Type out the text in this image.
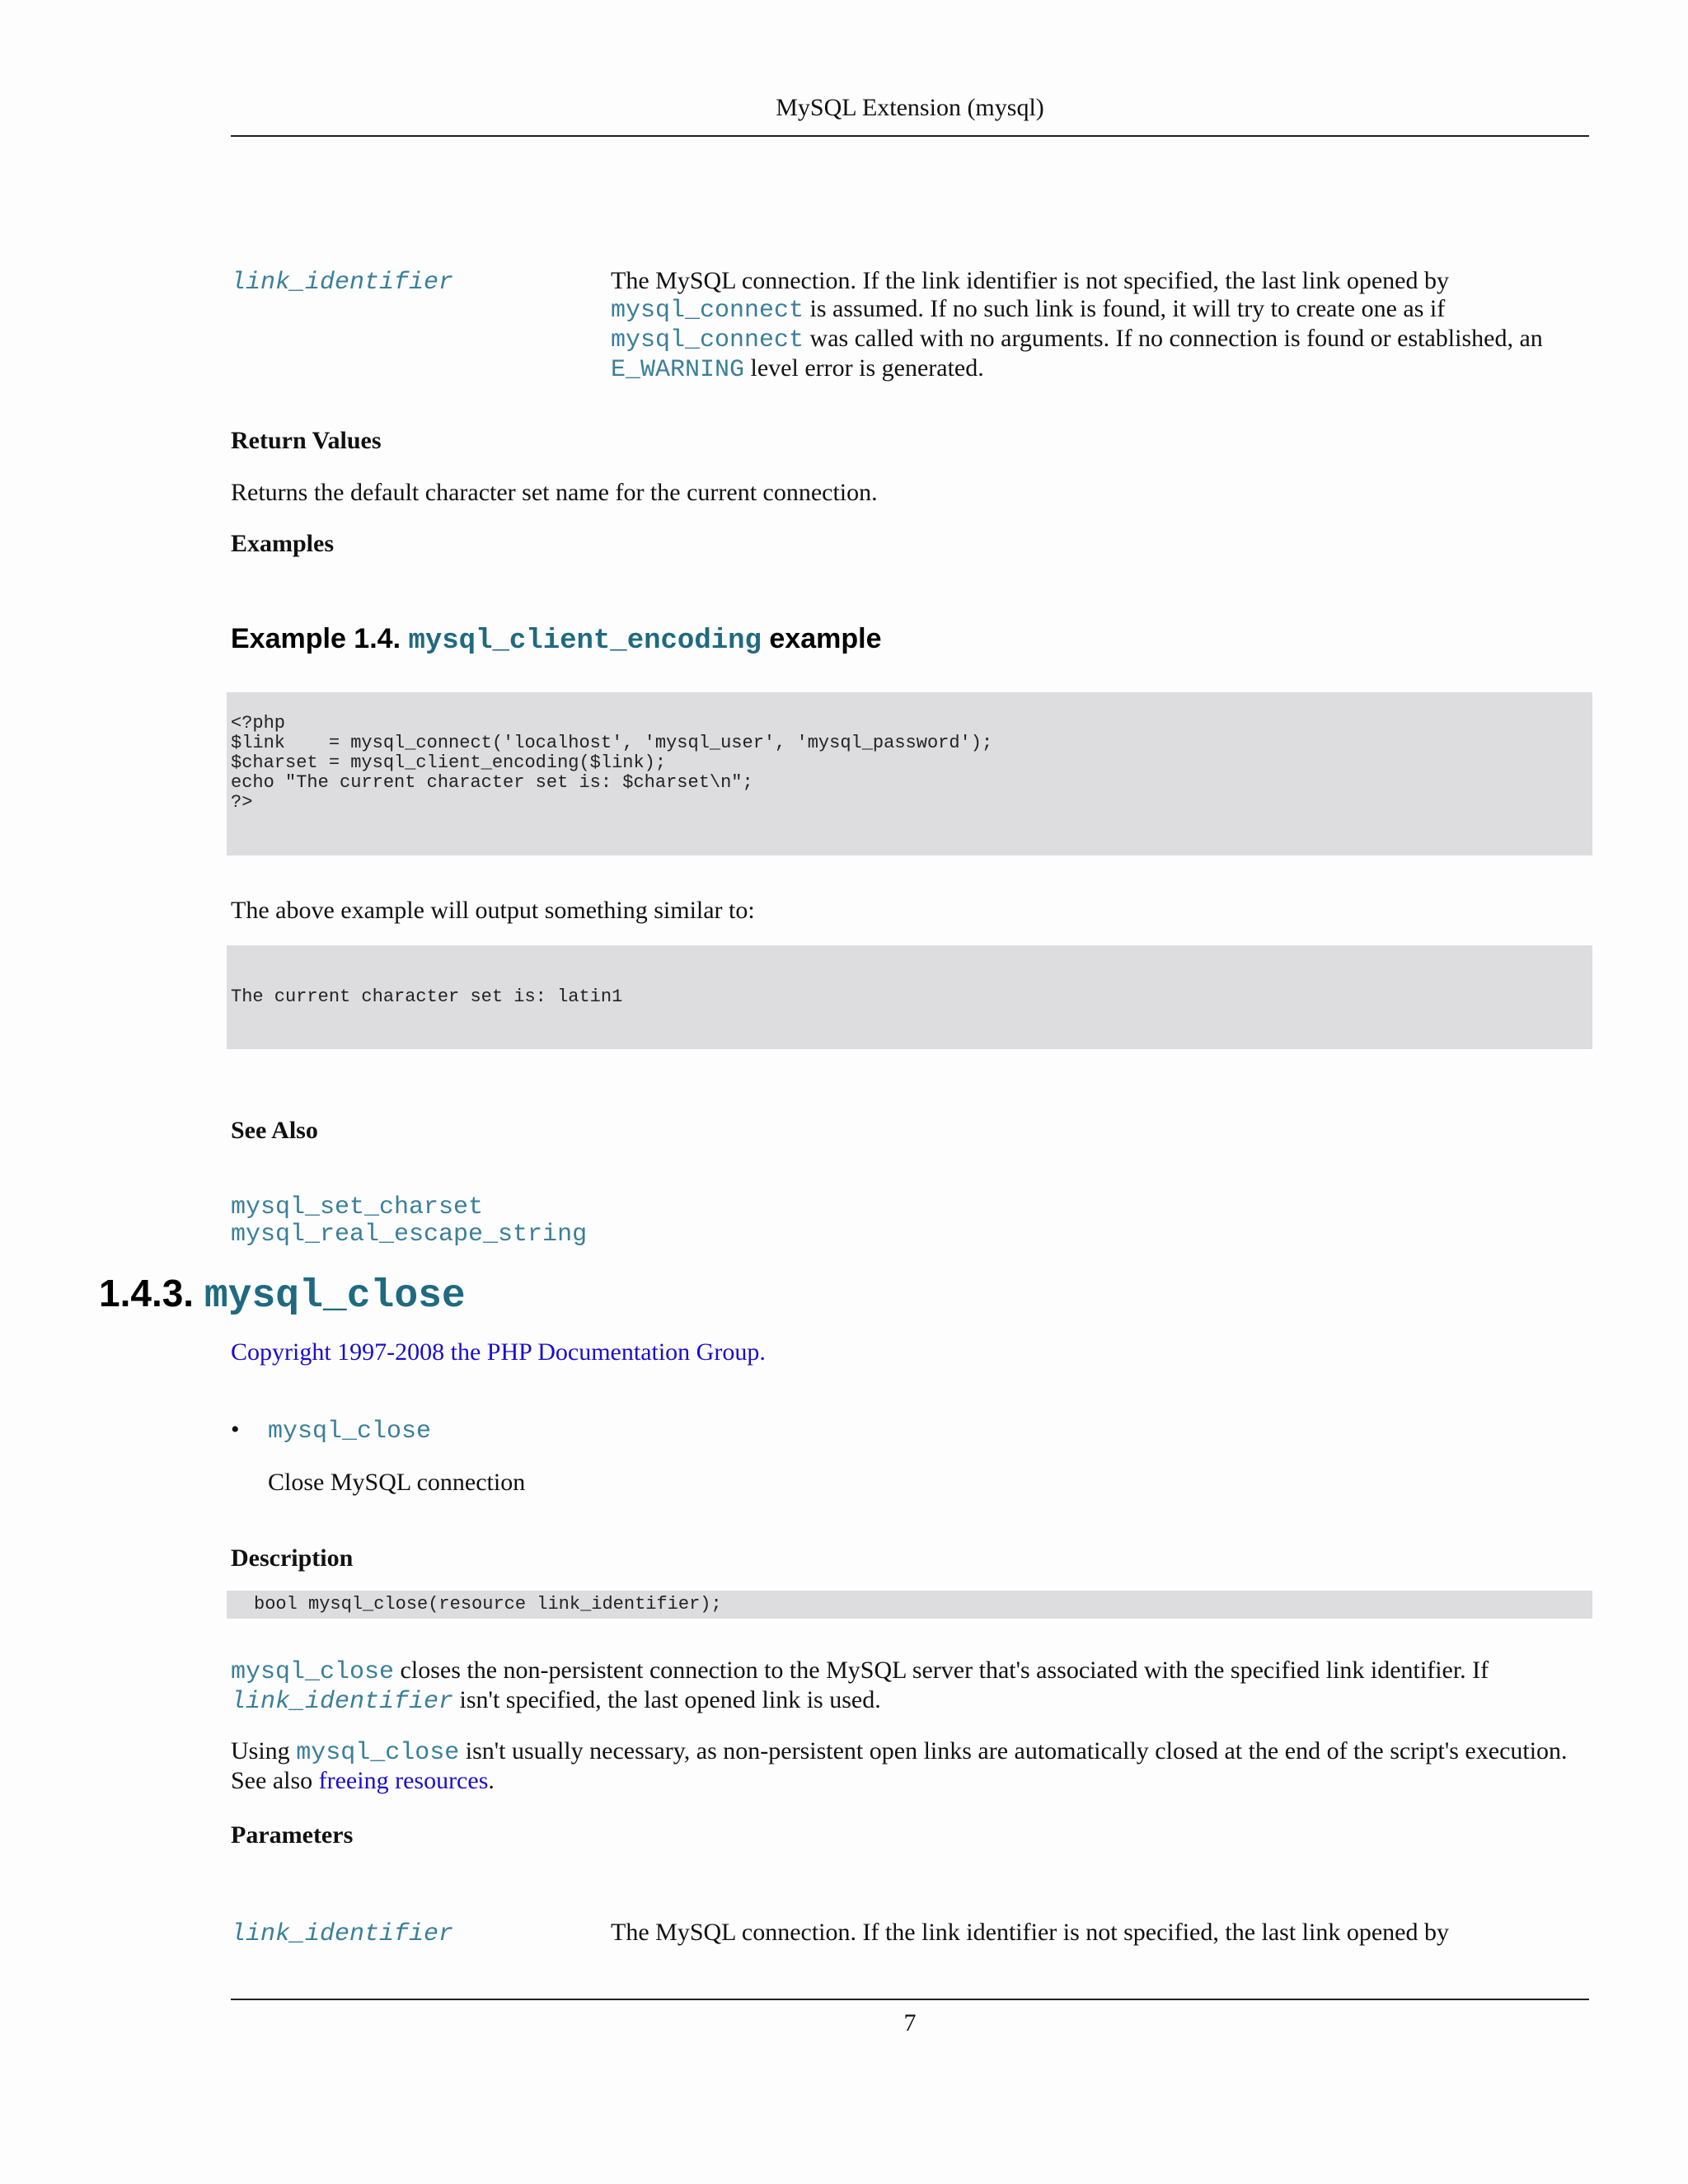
MySQL Extension (mysql)
link_identifier	The MySQL connection. If the link identifier is not specified, the last link opened by
mysql_connect is assumed. If no such link is found, it will try to create one as if
mysql_connect was called with no arguments. If no connection is found or established, an
E_WARNING level error is generated.
Return Values
Returns the default character set name for the current connection.
Examples
Example 1.4. mysql_client_encoding example
<?php
$link    = mysql_connect('localhost', 'mysql_user', 'mysql_password');
$charset = mysql_client_encoding($link);
echo "The current character set is: $charset\n";
?>
The above example will output something similar to:
The current character set is: latin1
See Also
mysql_set_charset
mysql_real_escape_string
1.4.3. mysql_close
Copyright 1997-2008 the PHP Documentation Group.
• mysql_close
Close MySQL connection
Description
bool mysql_close(resource link_identifier);
mysql_close closes the non-persistent connection to the MySQL server that's associated with the specified link identifier. If
link_identifier isn't specified, the last opened link is used.
Using mysql_close isn't usually necessary, as non-persistent open links are automatically closed at the end of the script's execution.
See also freeing resources.
Parameters
link_identifier	The MySQL connection. If the link identifier is not specified, the last link opened by
7
